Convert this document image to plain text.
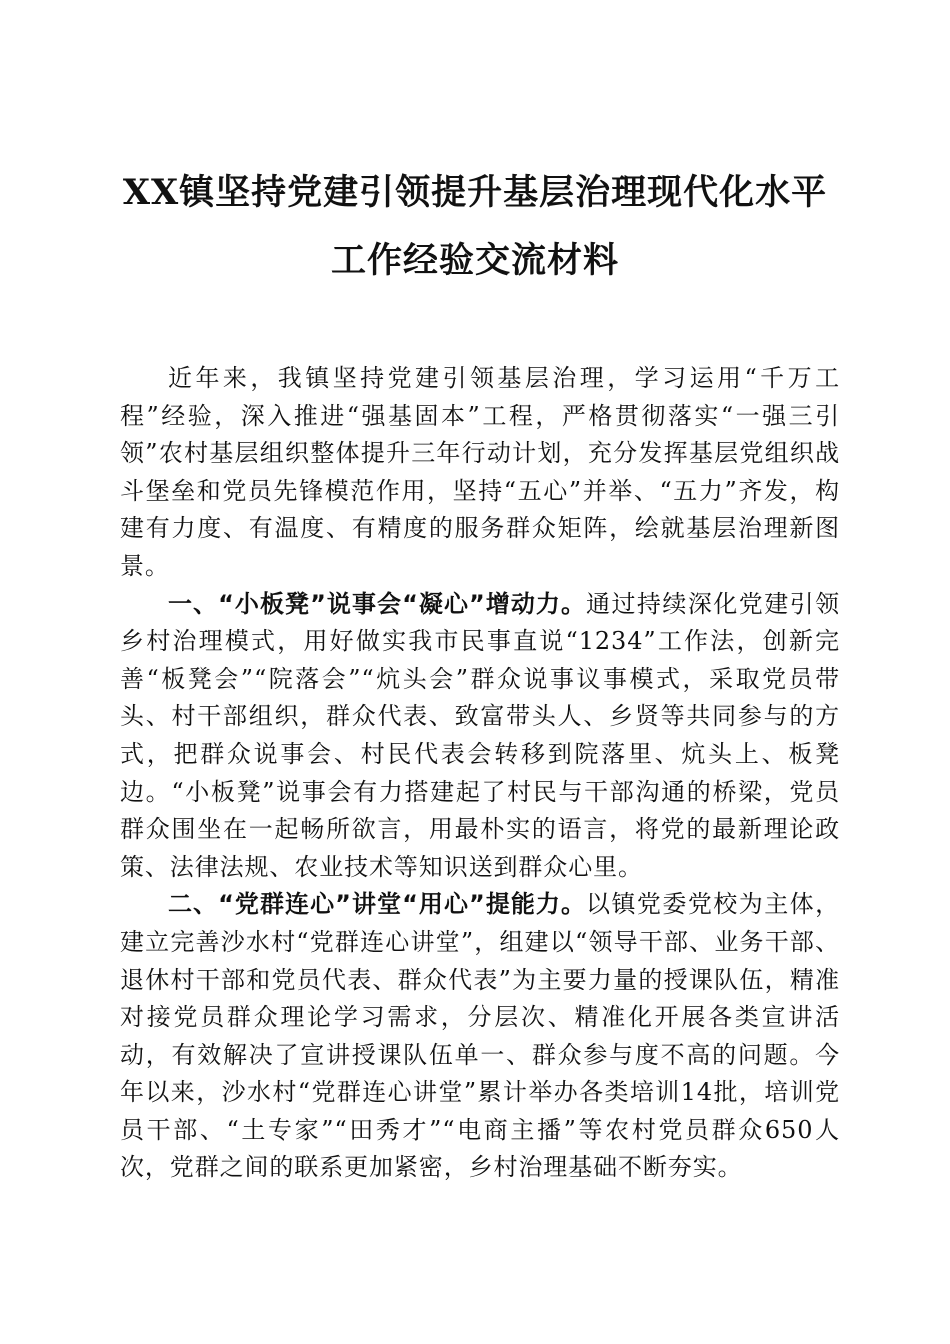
XX镇坚持党建引领提升基层治理现代化水平
工作经验交流材料

近年来，我镇坚持党建引领基层治理，学习运用“千万工程”经验，深入推进“强基固本”工程，严格贯彻落实“一强三引领”农村基层组织整体提升三年行动计划，充分发挥基层党组织战斗堡垒和党员先锋模范作用，坚持“五心”并举、“五力”齐发，构建有力度、有温度、有精度的服务群众矩阵，绘就基层治理新图景。

一、“小板凳”说事会“凝心”增动力。通过持续深化党建引领乡村治理模式，用好做实我市民事直说“1234”工作法，创新完善“板凳会”“院落会”“炕头会”群众说事议事模式，采取党员带头、村干部组织，群众代表、致富带头人、乡贤等共同参与的方式，把群众说事会、村民代表会转移到院落里、炕头上、板凳边。“小板凳”说事会有力搭建起了村民与干部沟通的桥梁，党员群众围坐在一起畅所欲言，用最朴实的语言，将党的最新理论政策、法律法规、农业技术等知识送到群众心里。

二、“党群连心”讲堂“用心”提能力。以镇党委党校为主体，建立完善沙水村“党群连心讲堂”，组建以“领导干部、业务干部、退休村干部和党员代表、群众代表”为主要力量的授课队伍，精准对接党员群众理论学习需求，分层次、精准化开展各类宣讲活动，有效解决了宣讲授课队伍单一、群众参与度不高的问题。今年以来，沙水村“党群连心讲堂”累计举办各类培训14批，培训党员干部、“土专家”“田秀才”“电商主播”等农村党员群众650人次，党群之间的联系更加紧密，乡村治理基础不断夯实。
